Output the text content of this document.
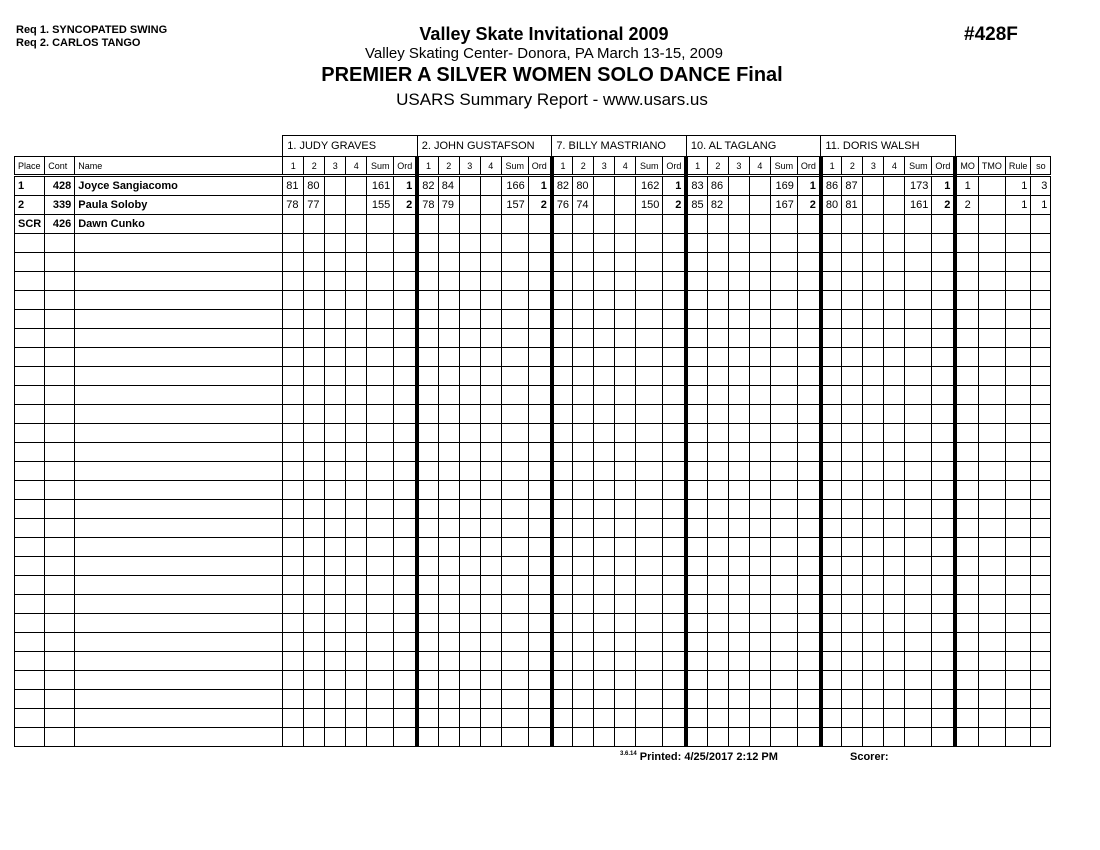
Req 1. SYNCOPATED SWING
Req 2. CARLOS TANGO	Valley Skate Invitational 2009
Valley Skating Center- Donora, PA March 13-15, 2009
PREMIER A SILVER WOMEN SOLO DANCE Final
USARS Summary Report - www.usars.us
#428F
			1. JUDY GRAVES						2. JOHN GUSTAFSON						7. BILLY MASTRIANO						10. AL TAGLANG						11. DORIS WALSH									
Place	Cont	Name	1	2	3	4	Sum	Ord	1	2	3	4	Sum	Ord	1	2	3	4	Sum	Ord	1	2	3	4	Sum	Ord	1	2	3	4	Sum	Ord	MO	TMO	Rule	so
1	428	Joyce Sangiacomo	81	80			161	1	82	84			166	1	82	80			162	1	83	86			169	1	86	87			173	1	1		1	3
2	339	Paula Soloby	78	77			155	2	78	79			157	2	76	74			150	2	85	82			167	2	80	81			161	2	2		1	1
SCR	426	Dawn Cunko																																		

$^{3.6.14}$ Printed: 4/25/2017 2:12 PM	Scorer:
